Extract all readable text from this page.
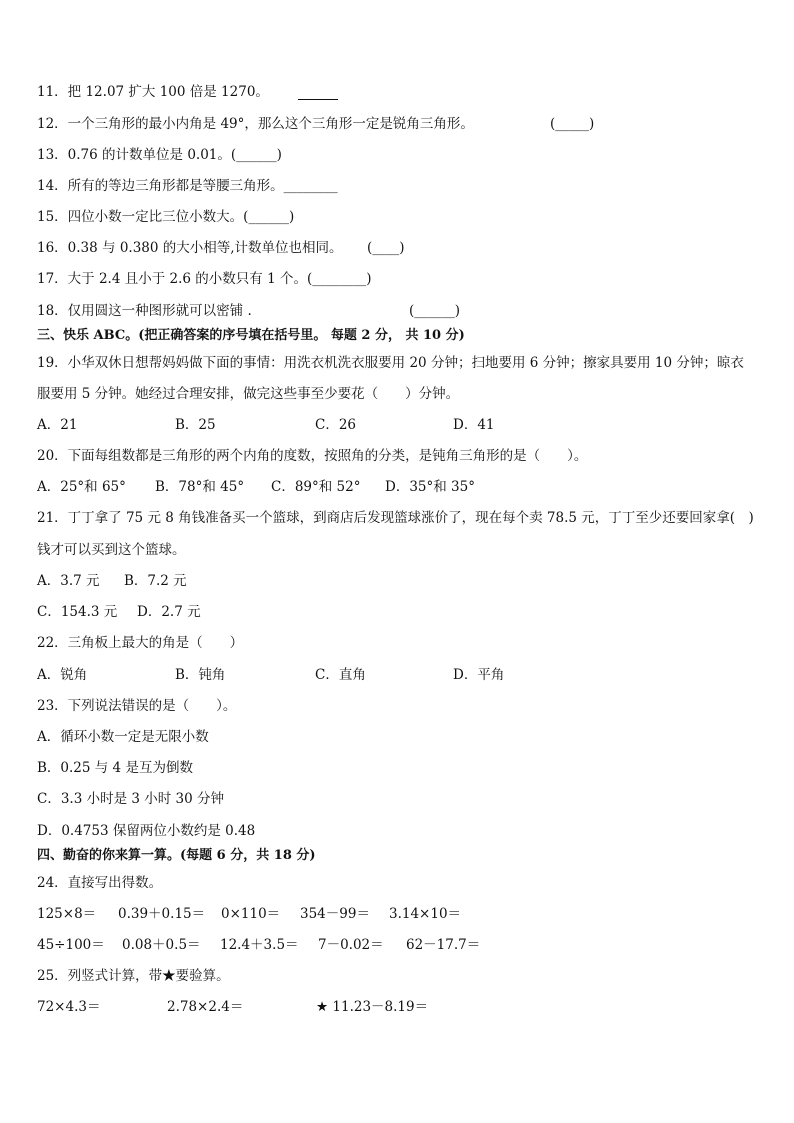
11．把 12.07 扩大 100 倍是 1270。
12．一个三角形的最小内角是 49°，那么这个三角形一定是锐角三角形。	(_____)
13．0.76 的计数单位是 0.01。(______)
14．所有的等边三角形都是等腰三角形。________
15．四位小数一定比三位小数大。(______)
16．0.38 与 0.380 的大小相等,计数单位也相同。 (____)
17．大于 2.4 且小于 2.6 的小数只有 1 个。(________)
18．仅用圆这一种图形就可以密铺 .	(______)
三、快乐 ABC。(把正确答案的序号填在括号里。 每题 2 分， 共 10 分)
19．小华双休日想帮妈妈做下面的事情：用洗衣机洗衣服要用 20 分钟；扫地要用 6 分钟；擦家具要用 10 分钟；晾衣
服要用 5 分钟。她经过合理安排，做完这些事至少要花（　　）分钟。
A．21	B．25	C．26	D．41
20．下面每组数都是三角形的两个内角的度数，按照角的分类，是钝角三角形的是（　　）。
A．25°和 65° B．78°和 45° C．89°和 52° D．35°和 35°
21．丁丁拿了 75 元 8 角钱准备买一个篮球，到商店后发现篮球涨价了，现在每个卖 78.5 元，丁丁至少还要回家拿(　)
钱才可以买到这个篮球。
A．3.7 元 B．7.2 元
C．154.3 元 D．2.7 元
22．三角板上最大的角是（　　）
A．锐角	B．钝角	C．直角	D．平角
23．下列说法错误的是（　　）。
A．循环小数一定是无限小数
B．0.25 与 4 是互为倒数
C．3.3 小时是 3 小时 30 分钟
D．0.4753 保留两位小数约是 0.48
四、勤奋的你来算一算。(每题 6 分，共 18 分)
24．直接写出得数。
125×8＝ 0.39＋0.15＝ 0×110＝ 354－99＝ 3.14×10＝
45÷100＝ 0.08＋0.5＝ 12.4＋3.5＝ 7－0.02＝ 62－17.7＝
25．列竖式计算，带★要验算。
72×4.3＝	2.78×2.4＝	★ 11.23－8.19＝
